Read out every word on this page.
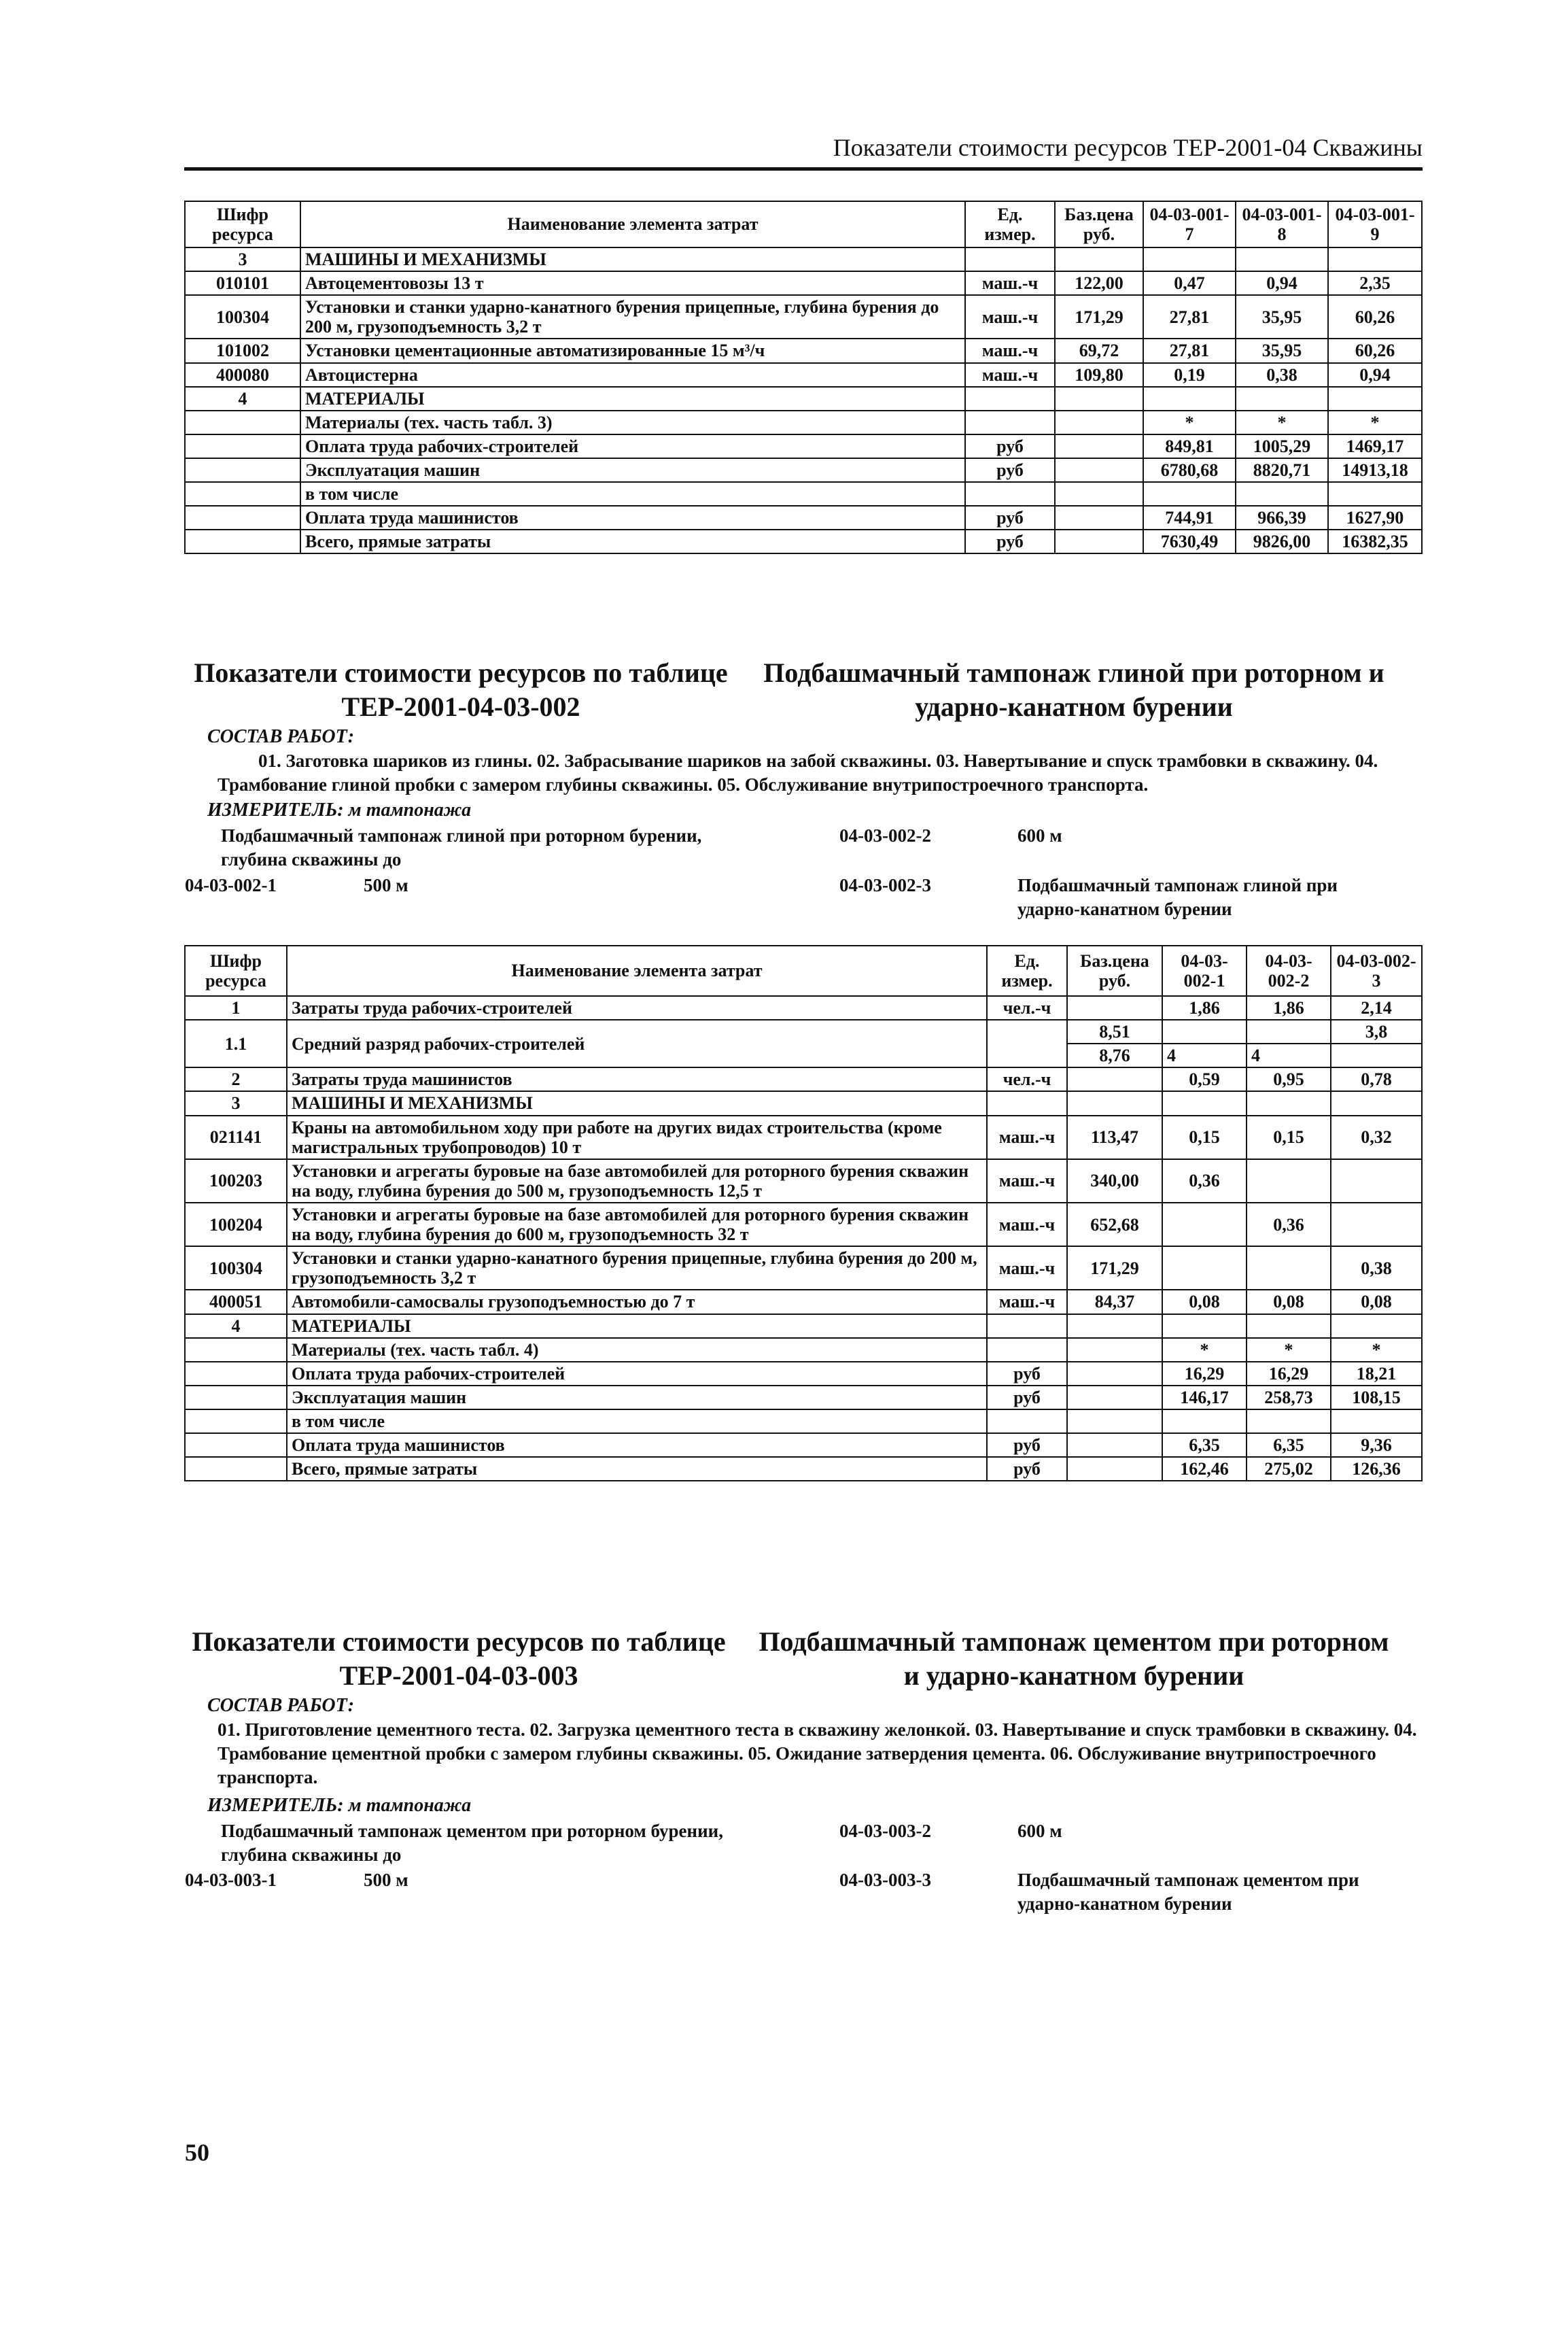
Показатели стоимости ресурсов ТЕР-2001-04 Скважины
Шифр ресурса	Наименование элемента затрат	Ед. измер.	Баз.цена руб.	04-03-001-7	04-03-001-8	04-03-001-9
3	МАШИНЫ И МЕХАНИЗМЫ					
010101	Автоцементовозы 13 т	маш.-ч	122,00	0,47	0,94	2,35
100304	Установки и станки ударно-канатного бурения прицепные, глубина бурения до 200 м, грузоподъемность 3,2 т	маш.-ч	171,29	27,81	35,95	60,26
101002	Установки цементационные автоматизированные 15 м³/ч	маш.-ч	69,72	27,81	35,95	60,26
400080	Автоцистерна	маш.-ч	109,80	0,19	0,38	0,94
4	МАТЕРИАЛЫ					
	Материалы (тех. часть табл. 3)			*	*	*
	Оплата труда рабочих-строителей	руб		849,81	1005,29	1469,17
	Эксплуатация машин	руб		6780,68	8820,71	14913,18
	в том числе					
	Оплата труда машинистов	руб		744,91	966,39	1627,90
	Всего, прямые затраты	руб		7630,49	9826,00	16382,35
Показатели стоимости ресурсов по таблице ТЕР-2001-04-03-002
Подбашмачный тампонаж глиной при роторном и ударно-канатном бурении
СОСТАВ РАБОТ:
01. Заготовка шариков из глины. 02. Забрасывание шариков на забой скважины. 03. Навертывание и спуск трамбовки в скважину. 04. Трамбование глиной пробки с замером глубины скважины. 05. Обслуживание внутрипостроечного транспорта.
ИЗМЕРИТЕЛЬ: м тампонажа
Подбашмачный тампонаж глиной при роторном бурении, глубина скважины до
04-03-002-1	500 м
04-03-002-2	600 м
04-03-002-3	Подбашмачный тампонаж глиной при ударно-канатном бурении
Шифр ресурса	Наименование элемента затрат	Ед. измер.	Баз.цена руб.	04-03-002-1	04-03-002-2	04-03-002-3
1	Затраты труда рабочих-строителей	чел.-ч		1,86	1,86	2,14
1.1	Средний разряд рабочих-строителей		8,51			3,8
			8,76	4	4	
2	Затраты труда машинистов	чел.-ч		0,59	0,95	0,78
3	МАШИНЫ И МЕХАНИЗМЫ					
021141	Краны на автомобильном ходу при работе на других видах строительства (кроме магистральных трубопроводов) 10 т	маш.-ч	113,47	0,15	0,15	0,32
100203	Установки и агрегаты буровые на базе автомобилей для роторного бурения скважин на воду, глубина бурения до 500 м, грузоподъемность 12,5 т	маш.-ч	340,00	0,36		
100204	Установки и агрегаты буровые на базе автомобилей для роторного бурения скважин на воду, глубина бурения до 600 м, грузоподъемность 32 т	маш.-ч	652,68		0,36	
100304	Установки и станки ударно-канатного бурения прицепные, глубина бурения до 200 м, грузоподъемность 3,2 т	маш.-ч	171,29			0,38
400051	Автомобили-самосвалы грузоподъемностью до 7 т	маш.-ч	84,37	0,08	0,08	0,08
4	МАТЕРИАЛЫ					
	Материалы (тех. часть табл. 4)			*	*	*
	Оплата труда рабочих-строителей	руб		16,29	16,29	18,21
	Эксплуатация машин	руб		146,17	258,73	108,15
	в том числе					
	Оплата труда машинистов	руб		6,35	6,35	9,36
	Всего, прямые затраты	руб		162,46	275,02	126,36
Показатели стоимости ресурсов по таблице ТЕР-2001-04-03-003
Подбашмачный тампонаж цементом при роторном и ударно-канатном бурении
СОСТАВ РАБОТ:
01. Приготовление цементного теста. 02. Загрузка цементного теста в скважину желонкой. 03. Навертывание и спуск трамбовки в скважину. 04. Трамбование цементной пробки с замером глубины скважины. 05. Ожидание затвердения цемента. 06. Обслуживание внутрипостроечного транспорта.
ИЗМЕРИТЕЛЬ: м тампонажа
Подбашмачный тампонаж цементом при роторном бурении, глубина скважины до
04-03-003-1	500 м
04-03-003-2	600 м
04-03-003-3	Подбашмачный тампонаж цементом при ударно-канатном бурении
50
